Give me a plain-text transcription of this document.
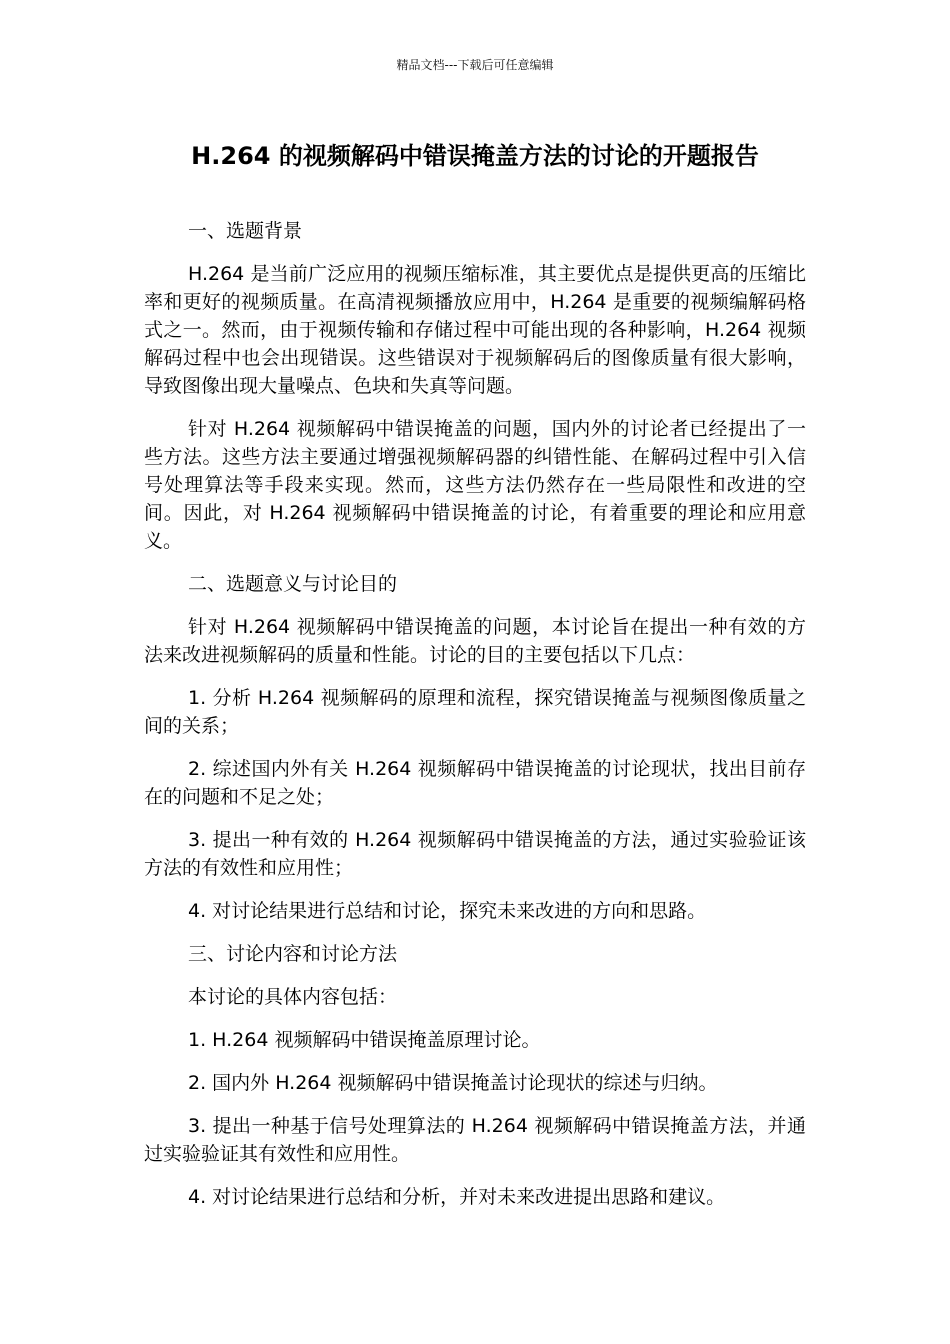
精品文档---下载后可任意编辑
H.264 的视频解码中错误掩盖方法的讨论的开题报告

一、选题背景

H.264 是当前广泛应用的视频压缩标准，其主要优点是提供更高的压缩比率和更好的视频质量。在高清视频播放应用中，H.264 是重要的视频编解码格式之一。然而，由于视频传输和存储过程中可能出现的各种影响，H.264 视频解码过程中也会出现错误。这些错误对于视频解码后的图像质量有很大影响，导致图像出现大量噪点、色块和失真等问题。

针对 H.264 视频解码中错误掩盖的问题，国内外的讨论者已经提出了一些方法。这些方法主要通过增强视频解码器的纠错性能、在解码过程中引入信号处理算法等手段来实现。然而，这些方法仍然存在一些局限性和改进的空间。因此，对 H.264 视频解码中错误掩盖的讨论，有着重要的理论和应用意义。

二、选题意义与讨论目的

针对 H.264 视频解码中错误掩盖的问题，本讨论旨在提出一种有效的方法来改进视频解码的质量和性能。讨论的目的主要包括以下几点：

1. 分析 H.264 视频解码的原理和流程，探究错误掩盖与视频图像质量之间的关系；

2. 综述国内外有关 H.264 视频解码中错误掩盖的讨论现状，找出目前存在的问题和不足之处；

3. 提出一种有效的 H.264 视频解码中错误掩盖的方法，通过实验验证该方法的有效性和应用性；

4. 对讨论结果进行总结和讨论，探究未来改进的方向和思路。

三、讨论内容和讨论方法

本讨论的具体内容包括：

1. H.264 视频解码中错误掩盖原理讨论。

2. 国内外 H.264 视频解码中错误掩盖讨论现状的综述与归纳。

3. 提出一种基于信号处理算法的 H.264 视频解码中错误掩盖方法，并通过实验验证其有效性和应用性。

4. 对讨论结果进行总结和分析，并对未来改进提出思路和建议。
